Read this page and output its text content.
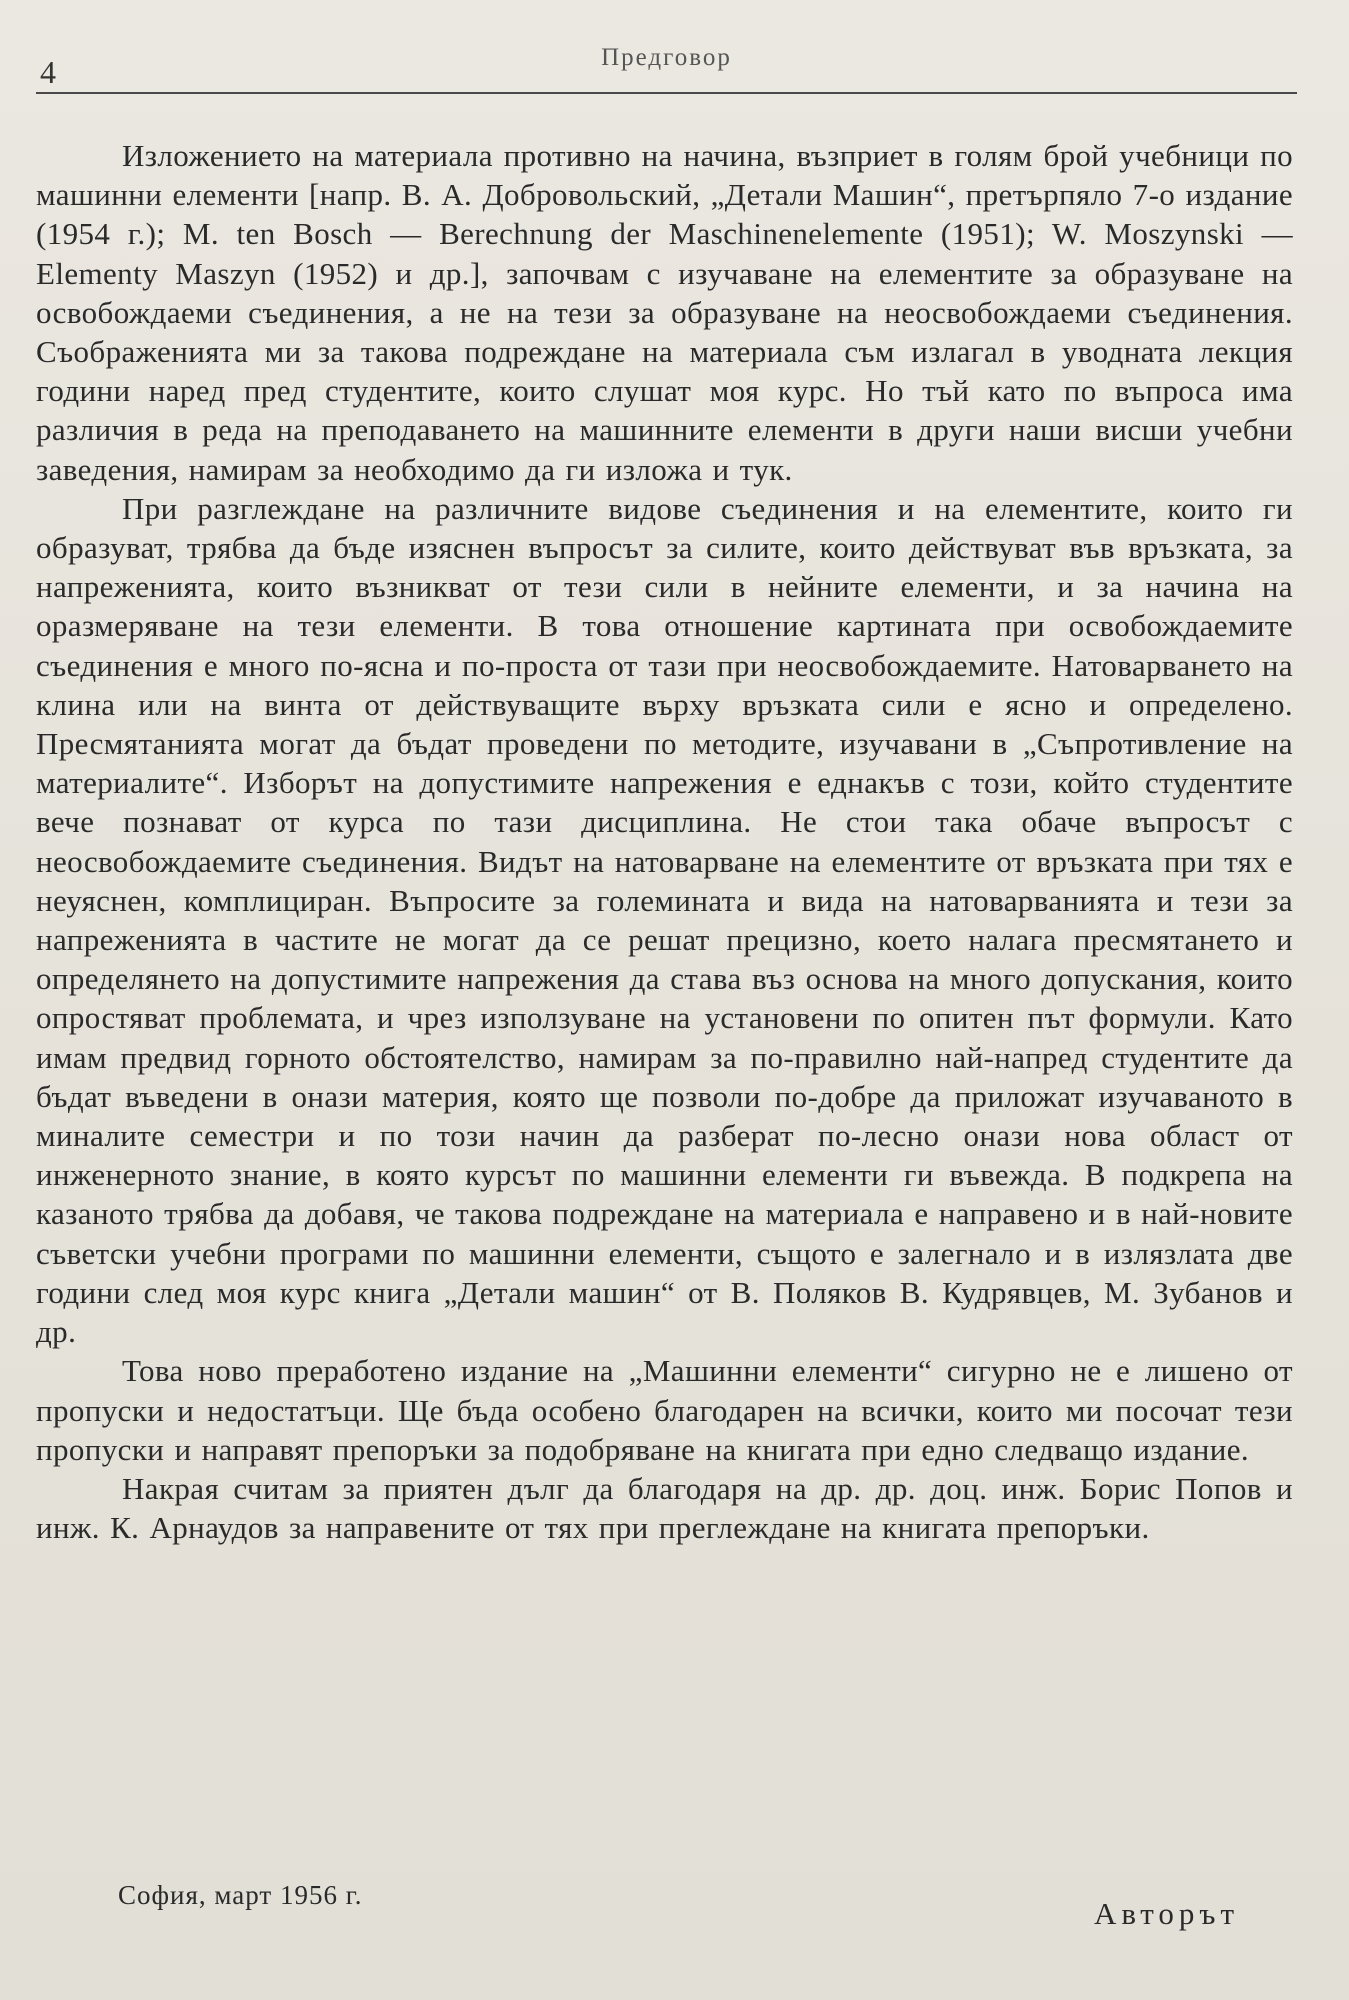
4	Предговор

Изложението на материала противно на начина, възприет в голям брой учебници по машинни елементи [напр. В. А. Добровольский, „Детали Машин“, претърпяло 7-о издание (1954 г.); М. ten Bosch — Berechnung der Maschinenelemente (1951); W. Moszynski — Elementy Maszyn (1952) и др.], започвам с изучаване на елементите за образуване на освобождаеми съединения, а не на тези за образуване на неосвобождаеми съединения. Съображенията ми за такова подреждане на материала съм излагал в уводната лекция години наред пред студентите, които слушат моя курс. Но тъй като по въпроса има различия в реда на преподаването на машинните елементи в други наши висши учебни заведения, намирам за необходимо да ги изложа и тук.

При разглеждане на различните видове съединения и на елементите, които ги образуват, трябва да бъде изяснен въпросът за силите, които действуват във връзката, за напреженията, които възникват от тези сили в нейните елементи, и за начина на оразмеряване на тези елементи. В това отношение картината при освобождаемите съединения е много по-ясна и по-проста от тази при неосвобождаемите. Натоварването на клина или на винта от действуващите върху връзката сили е ясно и определено. Пресмятанията могат да бъдат проведени по методите, изучавани в „Съпротивление на материалите“. Изборът на допустимите напрежения е еднакъв с този, който студентите вече познават от курса по тази дисциплина. Не стои така обаче въпросът с неосвобождаемите съединения. Видът на натоварване на елементите от връзката при тях е неуяснен, комплициран. Въпросите за големината и вида на натоварванията и тези за напреженията в частите не могат да се решат прецизно, което налага пресмятането и определянето на допустимите напрежения да става въз основа на много допускания, които опростяват проблемата, и чрез използуване на установени по опитен път формули. Като имам предвид горното обстоятелство, намирам за по-правилно най-напред студентите да бъдат въведени в онази материя, която ще позволи по-добре да приложат изучаваното в миналите семестри и по този начин да разберат по-лесно онази нова област от инженерното знание, в която курсът по машинни елементи ги въвежда. В подкрепа на казаното трябва да добавя, че такова подреждане на материала е направено и в най-новите съветски учебни програми по машинни елементи, същото е залегнало и в излязлата две години след моя курс книга „Детали машин“ от В. Поляков В. Кудрявцев, М. Зубанов и др.

Това ново преработено издание на „Машинни елементи“ сигурно не е лишено от пропуски и недостатъци. Ще бъда особено благодарен на всички, които ми посочат тези пропуски и направят препоръки за подобряване на книгата при едно следващо издание.

Накрая считам за приятен дълг да благодаря на др. др. доц. инж. Борис Попов и инж. К. Арнаудов за направените от тях при преглеждане на книгата препоръки.

София, март 1956 г.
Авторът
